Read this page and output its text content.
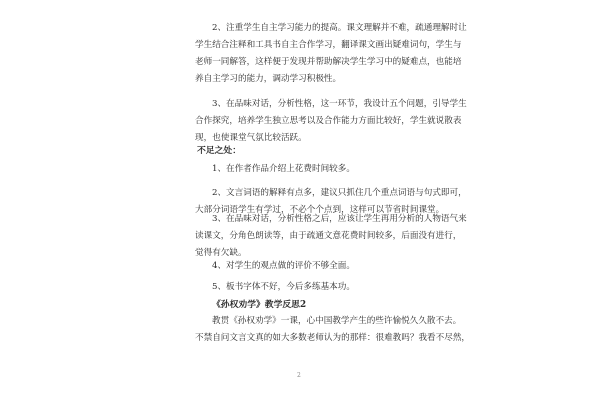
2、注重学生自主学习能力的提高。课文理解并不难，疏通理解时让
学生结合注释和工具书自主合作学习，翻译课文画出疑难词句，学生与
老师一同解答，这样便于发现并帮助解决学生学习中的疑难点，也能培
养自主学习的能力，调动学习积极性。
3、在品味对话，分析性格，这一环节，我设计五个问题，引导学生
合作探究，培养学生独立思考以及合作能力方面比较好，学生就说散表
现，也使课堂气氛比较活跃。
不足之处：
1、在作者作品介绍上花费时间较多。
2、文言词语的解释有点多，建议只抓住几个重点词语与句式即可，
大部分词语学生有学过，不必个个点到，这样可以节省时间课堂。
3、在品味对话，分析性格之后，应该让学生再用分析的人物语气来
读课文，分角色朗读等，由于疏通文意花费时间较多，后面没有进行，
觉得有欠缺。
4、对学生的观点做的评价不够全面。
5、板书字体不好，今后多练基本功。
《孙权劝学》教学反思2
教贯《孙权劝学》一课，心中国教学产生的些许愉悦久久散不去。
不禁自问文言文真的如大多数老师认为的那样：很难教吗？我看不尽然，
2
